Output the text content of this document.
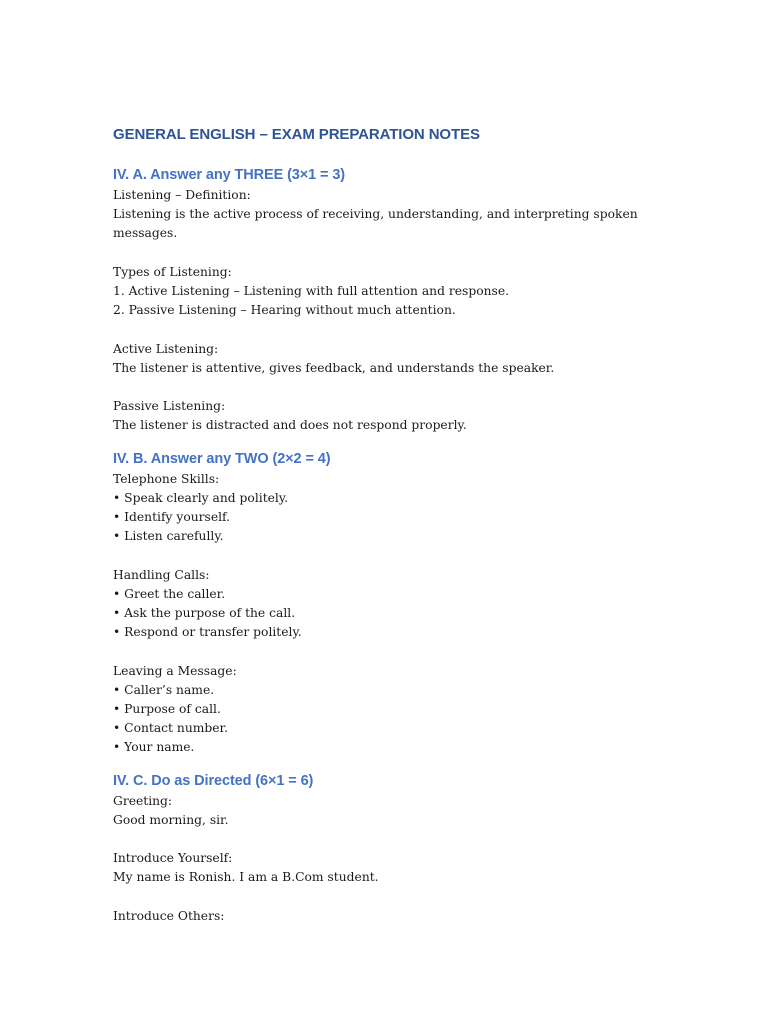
GENERAL ENGLISH – EXAM PREPARATION NOTES
IV. A. Answer any THREE (3×1 = 3)
Listening – Definition:
Listening is the active process of receiving, understanding, and interpreting spoken
messages.
Types of Listening:
1. Active Listening – Listening with full attention and response.
2. Passive Listening – Hearing without much attention.
Active Listening:
The listener is attentive, gives feedback, and understands the speaker.
Passive Listening:
The listener is distracted and does not respond properly.
IV. B. Answer any TWO (2×2 = 4)
Telephone Skills:
• Speak clearly and politely.
• Identify yourself.
• Listen carefully.
Handling Calls:
• Greet the caller.
• Ask the purpose of the call.
• Respond or transfer politely.
Leaving a Message:
• Caller’s name.
• Purpose of call.
• Contact number.
• Your name.
IV. C. Do as Directed (6×1 = 6)
Greeting:
Good morning, sir.
Introduce Yourself:
My name is Ronish. I am a B.Com student.
Introduce Others:
